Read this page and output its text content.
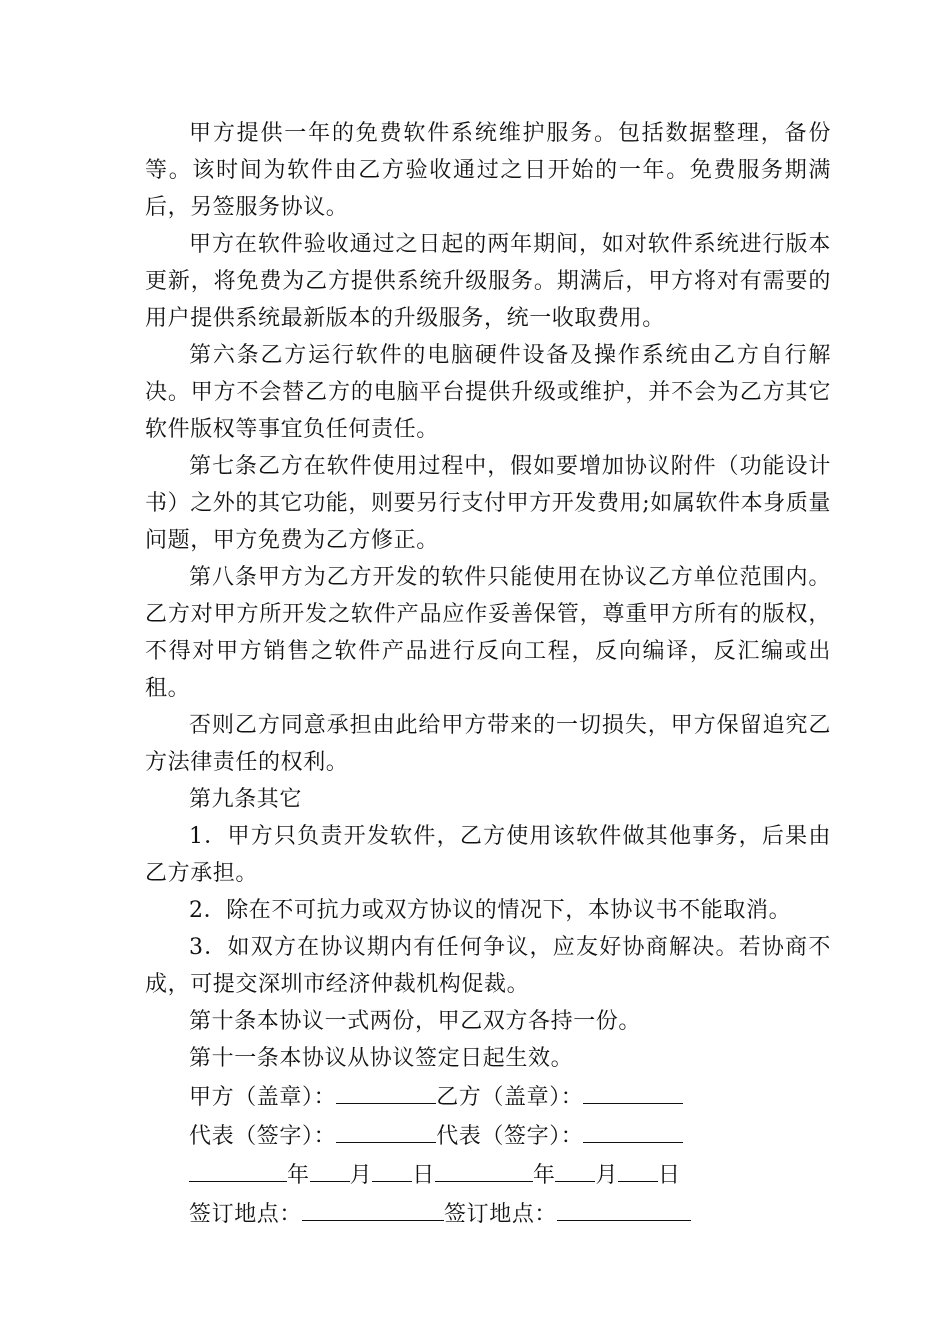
甲方提供一年的免费软件系统维护服务。包括数据整理，备份等。该时间为软件由乙方验收通过之日开始的一年。免费服务期满后，另签服务协议。

甲方在软件验收通过之日起的两年期间，如对软件系统进行版本更新，将免费为乙方提供系统升级服务。期满后，甲方将对有需要的用户提供系统最新版本的升级服务，统一收取费用。

第六条乙方运行软件的电脑硬件设备及操作系统由乙方自行解决。甲方不会替乙方的电脑平台提供升级或维护，并不会为乙方其它软件版权等事宜负任何责任。

第七条乙方在软件使用过程中，假如要增加协议附件（功能设计书）之外的其它功能，则要另行支付甲方开发费用;如属软件本身质量问题，甲方免费为乙方修正。

第八条甲方为乙方开发的软件只能使用在协议乙方单位范围内。乙方对甲方所开发之软件产品应作妥善保管，尊重甲方所有的版权，不得对甲方销售之软件产品进行反向工程，反向编译，反汇编或出租。

否则乙方同意承担由此给甲方带来的一切损失，甲方保留追究乙方法律责任的权利。

第九条其它

1．甲方只负责开发软件，乙方使用该软件做其他事务，后果由乙方承担。

2．除在不可抗力或双方协议的情况下，本协议书不能取消。

3．如双方在协议期内有任何争议，应友好协商解决。若协商不成，可提交深圳市经济仲裁机构促裁。

第十条本协议一式两份，甲乙双方各持一份。

第十一条本协议从协议签定日起生效。

甲方（盖章）：	乙方（盖章）：
代表（签字）：	代表（签字）：
年 月 日	年 月 日
签订地点：	签订地点：
